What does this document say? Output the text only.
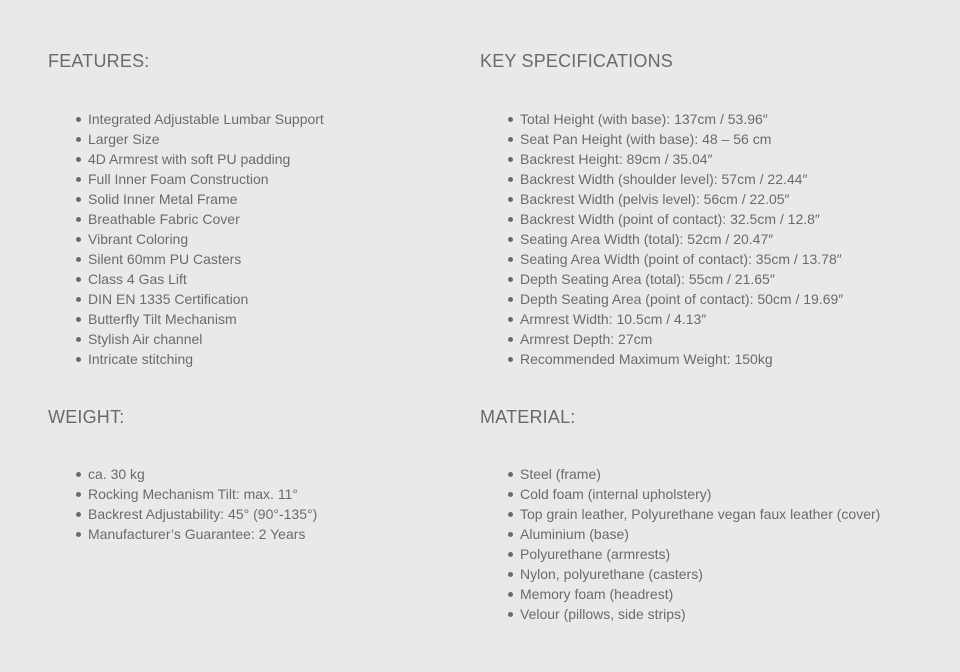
FEATURES:
Integrated Adjustable Lumbar Support
Larger Size
4D Armrest with soft PU padding
Full Inner Foam Construction
Solid Inner Metal Frame
Breathable Fabric Cover
Vibrant Coloring
Silent 60mm PU Casters
Class 4 Gas Lift
DIN EN 1335 Certification
Butterfly Tilt Mechanism
Stylish Air channel
Intricate stitching
KEY SPECIFICATIONS
Total Height (with base): 137cm / 53.96″
Seat Pan Height (with base): 48 – 56 cm
Backrest Height: 89cm / 35.04″
Backrest Width (shoulder level): 57cm / 22.44″
Backrest Width (pelvis level): 56cm / 22.05″
Backrest Width (point of contact): 32.5cm / 12.8″
Seating Area Width (total): 52cm / 20.47″
Seating Area Width (point of contact): 35cm / 13.78″
Depth Seating Area (total): 55cm / 21.65″
Depth Seating Area (point of contact): 50cm / 19.69″
Armrest Width: 10.5cm / 4.13″
Armrest Depth: 27cm
Recommended Maximum Weight: 150kg
WEIGHT:
ca. 30 kg
Rocking Mechanism Tilt: max. 11°
Backrest Adjustability: 45° (90°-135°)
Manufacturer’s Guarantee: 2 Years
MATERIAL:
Steel (frame)
Cold foam (internal upholstery)
Top grain leather, Polyurethane vegan faux leather (cover)
Aluminium (base)
Polyurethane (armrests)
Nylon, polyurethane (casters)
Memory foam (headrest)
Velour (pillows, side strips)
